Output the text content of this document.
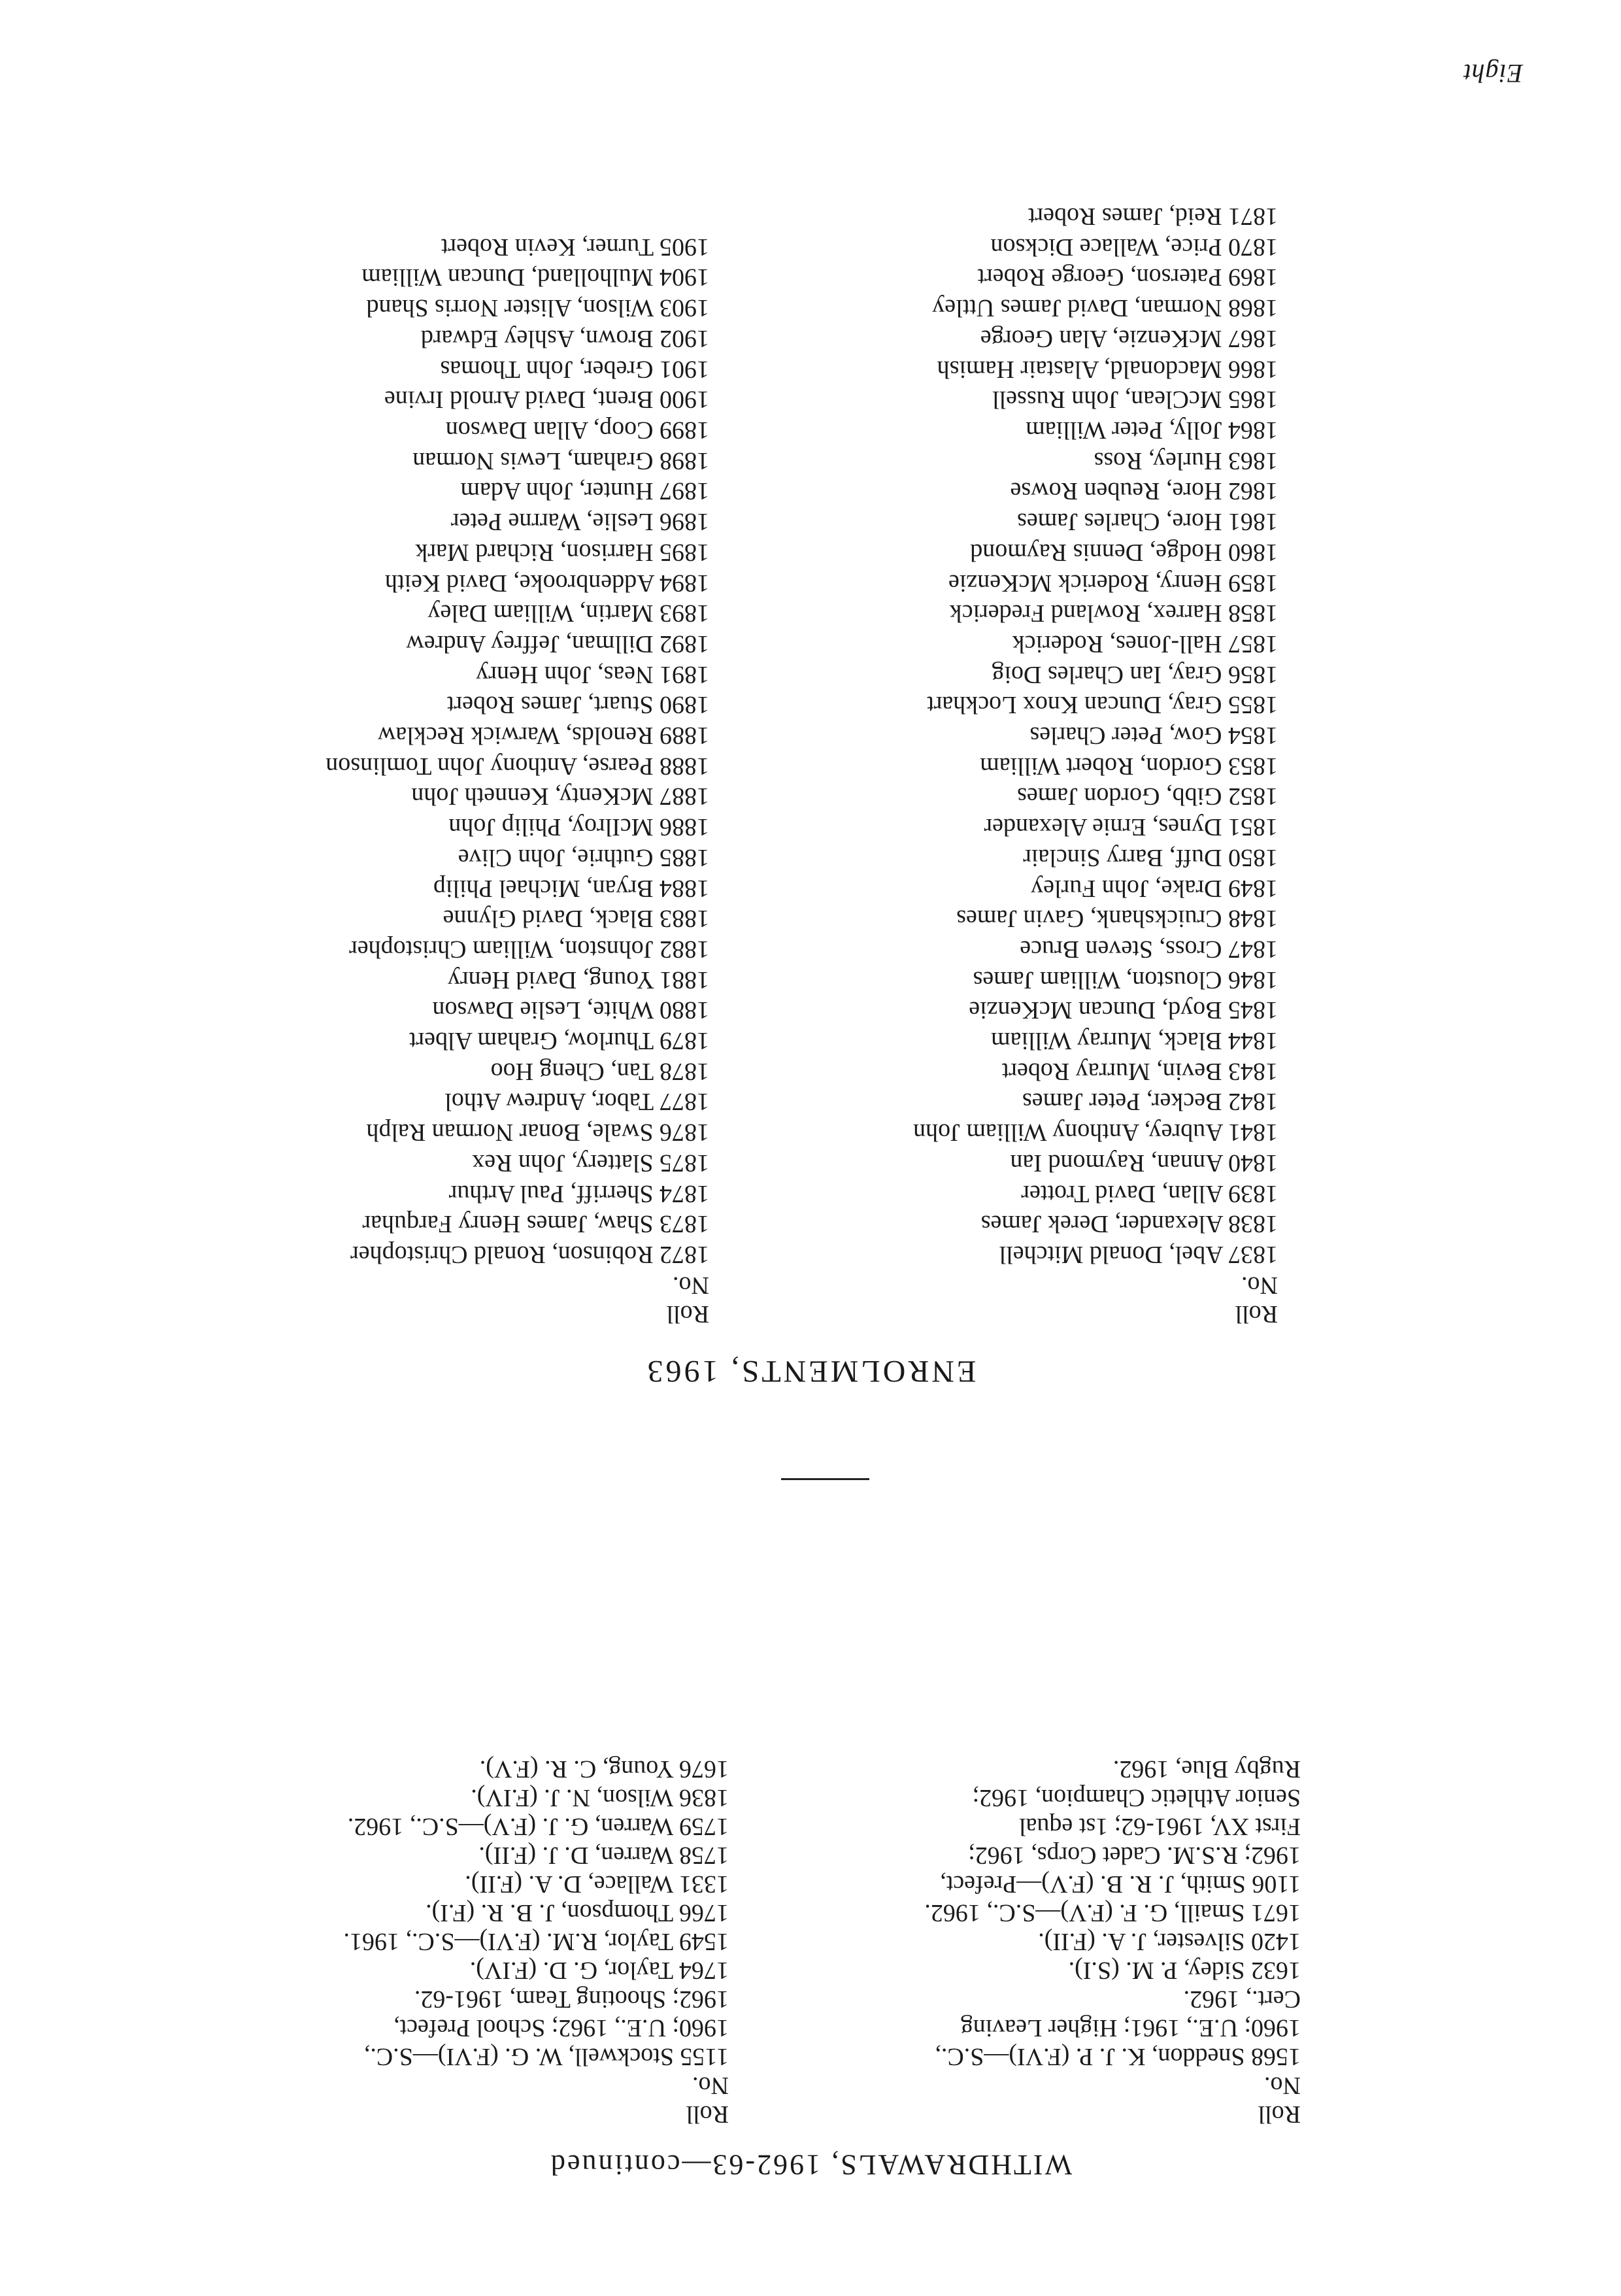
WITHDRAWALS, 1962-63—continued
Roll
No.
Roll
No.
1568 Sneddon, K. J. P. (F.VI)—S.C.,
1960; U.E., 1961; Higher Leaving
Cert., 1962.
1632 Sidey, P. M. (S.I).
1420 Silvester, J. A. (F.II).
1671 Smaill, G. F. (F.V)—S.C., 1962.
1106 Smith, J. R. B. (F.V)—Prefect,
1962; R.S.M. Cadet Corps, 1962;
First XV, 1961-62; 1st equal
Senior Athletic Champion, 1962;
Rugby Blue, 1962.
1155 Stockwell, W. G. (F.VI)—S.C.,
1960; U.E., 1962; School Prefect,
1962; Shooting Team, 1961-62.
1764 Taylor, G. D. (F.IV).
1549 Taylor, R.M. (F.VI)—S.C., 1961.
1766 Thompson, J. B. R. (F.I).
1331 Wallace, D. A. (F.II).
1758 Warren, D. J. (F.II).
1759 Warren, G. J. (F.V)—S.C., 1962.
1836 Wilson, N. J. (F.IV).
1676 Young, C. R. (F.V).
ENROLMENTS, 1963
Roll
No.
Roll
No.
1837 Abel, Donald Mitchell
1838 Alexander, Derek James
1839 Allan, David Trotter
1840 Annan, Raymond Ian
1841 Aubrey, Anthony William John
1842 Becker, Peter James
1843 Bevin, Murray Robert
1844 Black, Murray William
1845 Boyd, Duncan McKenzie
1846 Clouston, William James
1847 Cross, Steven Bruce
1848 Cruickshank, Gavin James
1849 Drake, John Furley
1850 Duff, Barry Sinclair
1851 Dynes, Ernie Alexander
1852 Gibb, Gordon James
1853 Gordon, Robert William
1854 Gow, Peter Charles
1855 Gray, Duncan Knox Lockhart
1856 Gray, Ian Charles Doig
1857 Hall-Jones, Roderick
1858 Harrex, Rowland Frederick
1859 Henry, Roderick McKenzie
1860 Hodge, Dennis Raymond
1861 Hore, Charles James
1862 Hore, Reuben Rowse
1863 Hurley, Ross
1864 Jolly, Peter William
1865 McClean, John Russell
1866 Macdonald, Alastair Hamish
1867 McKenzie, Alan George
1868 Norman, David James Uttley
1869 Paterson, George Robert
1870 Price, Wallace Dickson
1871 Reid, James Robert
1872 Robinson, Ronald Christopher
1873 Shaw, James Henry Farquhar
1874 Sherriff, Paul Arthur
1875 Slattery, John Rex
1876 Swale, Bonar Norman Ralph
1877 Tabor, Andrew Athol
1878 Tan, Cheng Hoo
1879 Thurlow, Graham Albert
1880 White, Leslie Dawson
1881 Young, David Henry
1882 Johnston, William Christopher
1883 Black, David Glynne
1884 Bryan, Michael Philip
1885 Guthrie, John Clive
1886 McIlroy, Philip John
1887 McKenty, Kenneth John
1888 Pearse, Anthony John Tomlinson
1889 Renolds, Warwick Recklaw
1890 Stuart, James Robert
1891 Neas, John Henry
1892 Dillman, Jeffrey Andrew
1893 Martin, William Daley
1894 Addenbrooke, David Keith
1895 Harrison, Richard Mark
1896 Leslie, Warrne Peter
1897 Hunter, John Adam
1898 Graham, Lewis Norman
1899 Coop, Allan Dawson
1900 Brent, David Arnold Irvine
1901 Greber, John Thomas
1902 Brown, Ashley Edward
1903 Wilson, Alister Norris Shand
1904 Mulholland, Duncan William
1905 Turner, Kevin Robert
Eight
